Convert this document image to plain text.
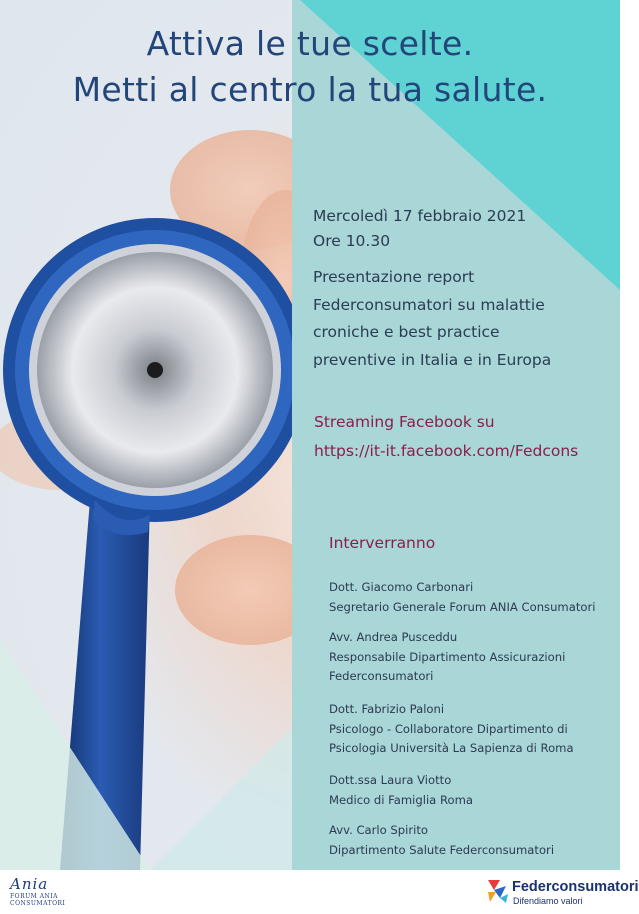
Attiva le tue scelte.
Metti al centro la tua salute.
Mercoledì 17 febbraio 2021
Ore 10.30
Presentazione report
Federconsumatori su malattie
croniche e best practice
preventive in Italia e in Europa
Streaming Facebook su
https://it-it.facebook.com/Fedcons
Interverranno
Dott. Giacomo Carbonari
Segretario Generale Forum ANIA Consumatori
Avv. Andrea Pusceddu
Responsabile Dipartimento Assicurazioni
Federconsumatori
Dott. Fabrizio Paloni
Psicologo - Collaboratore Dipartimento di
Psicologia Università La Sapienza di Roma
Dott.ssa Laura Viotto
Medico di Famiglia Roma
Avv. Carlo Spirito
Dipartimento Salute Federconsumatori
Ania
FORUM ANIA CONSUMATORI
Federconsumatori
Difendiamo valori
